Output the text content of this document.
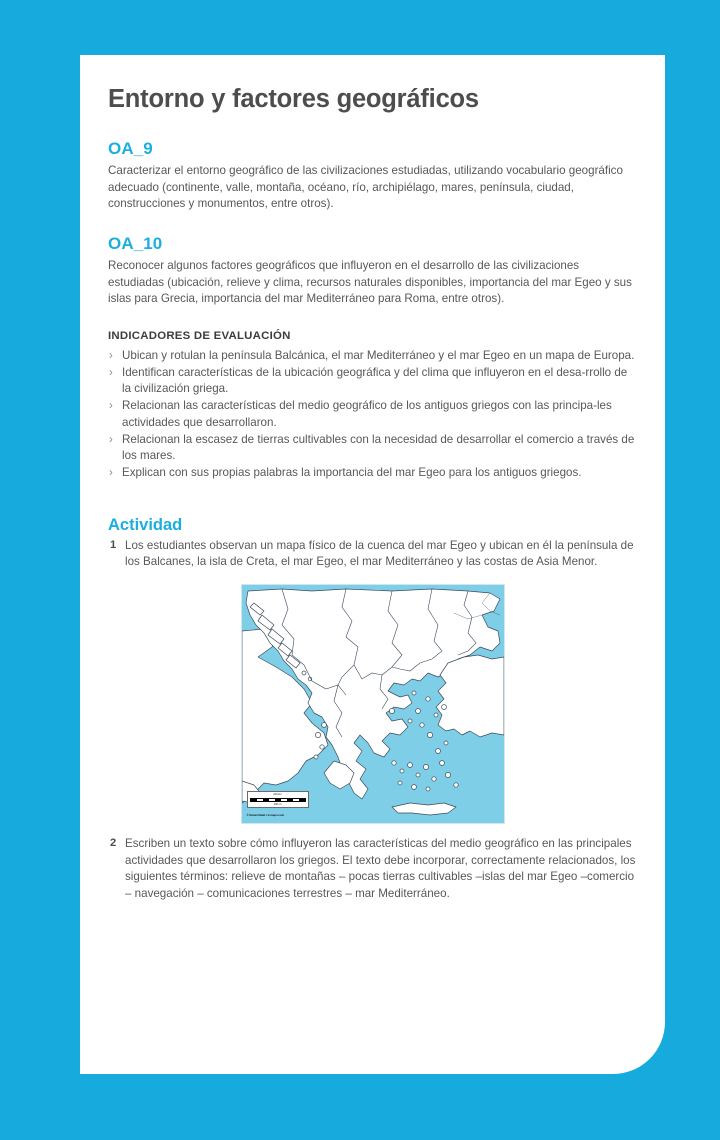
Entorno y factores geográficos
OA_9

Caracterizar el entorno geográfico de las civilizaciones estudiadas, utilizando vocabulario geográfico adecuado (continente, valle, montaña, océano, río, archipiélago, mares, península, ciudad, construcciones y monumentos, entre otros).

OA_10

Reconocer algunos factores geográficos que influyeron en el desarrollo de las civilizaciones estudiadas (ubicación, relieve y clima, recursos naturales disponibles, importancia del mar Egeo y sus islas para Grecia, importancia del mar Mediterráneo para Roma, entre otros).

INDICADORES DE EVALUACIÓN
› Ubican y rotulan la península Balcánica, el mar Mediterráneo y el mar Egeo en un mapa de Europa.
› Identifican características de la ubicación geográfica y del clima que influyeron en el desa-rrollo de la civilización griega.
› Relacionan las características del medio geográfico de los antiguos griegos con las principa-les actividades que desarrollaron.
› Relacionan la escasez de tierras cultivables con la necesidad de desarrollar el comercio a través de los mares.
› Explican con sus propias palabras la importancia del mar Egeo para los antiguos griegos.
Actividad
1 Los estudiantes observan un mapa físico de la cuenca del mar Egeo y ubican en él la península de los Balcanes, la isla de Creta, el mar Egeo, el mar Mediterráneo y las costas de Asia Menor.
100 km
100 mi
© Daniel Dalet / d-maps.com
2 Escriben un texto sobre cómo influyeron las características del medio geográfico en las principales actividades que desarrollaron los griegos. El texto debe incorporar, correctamente relacionados, los siguientes términos: relieve de montañas – pocas tierras cultivables –islas del mar Egeo –comercio – navegación – comunicaciones terrestres – mar Mediterráneo.
